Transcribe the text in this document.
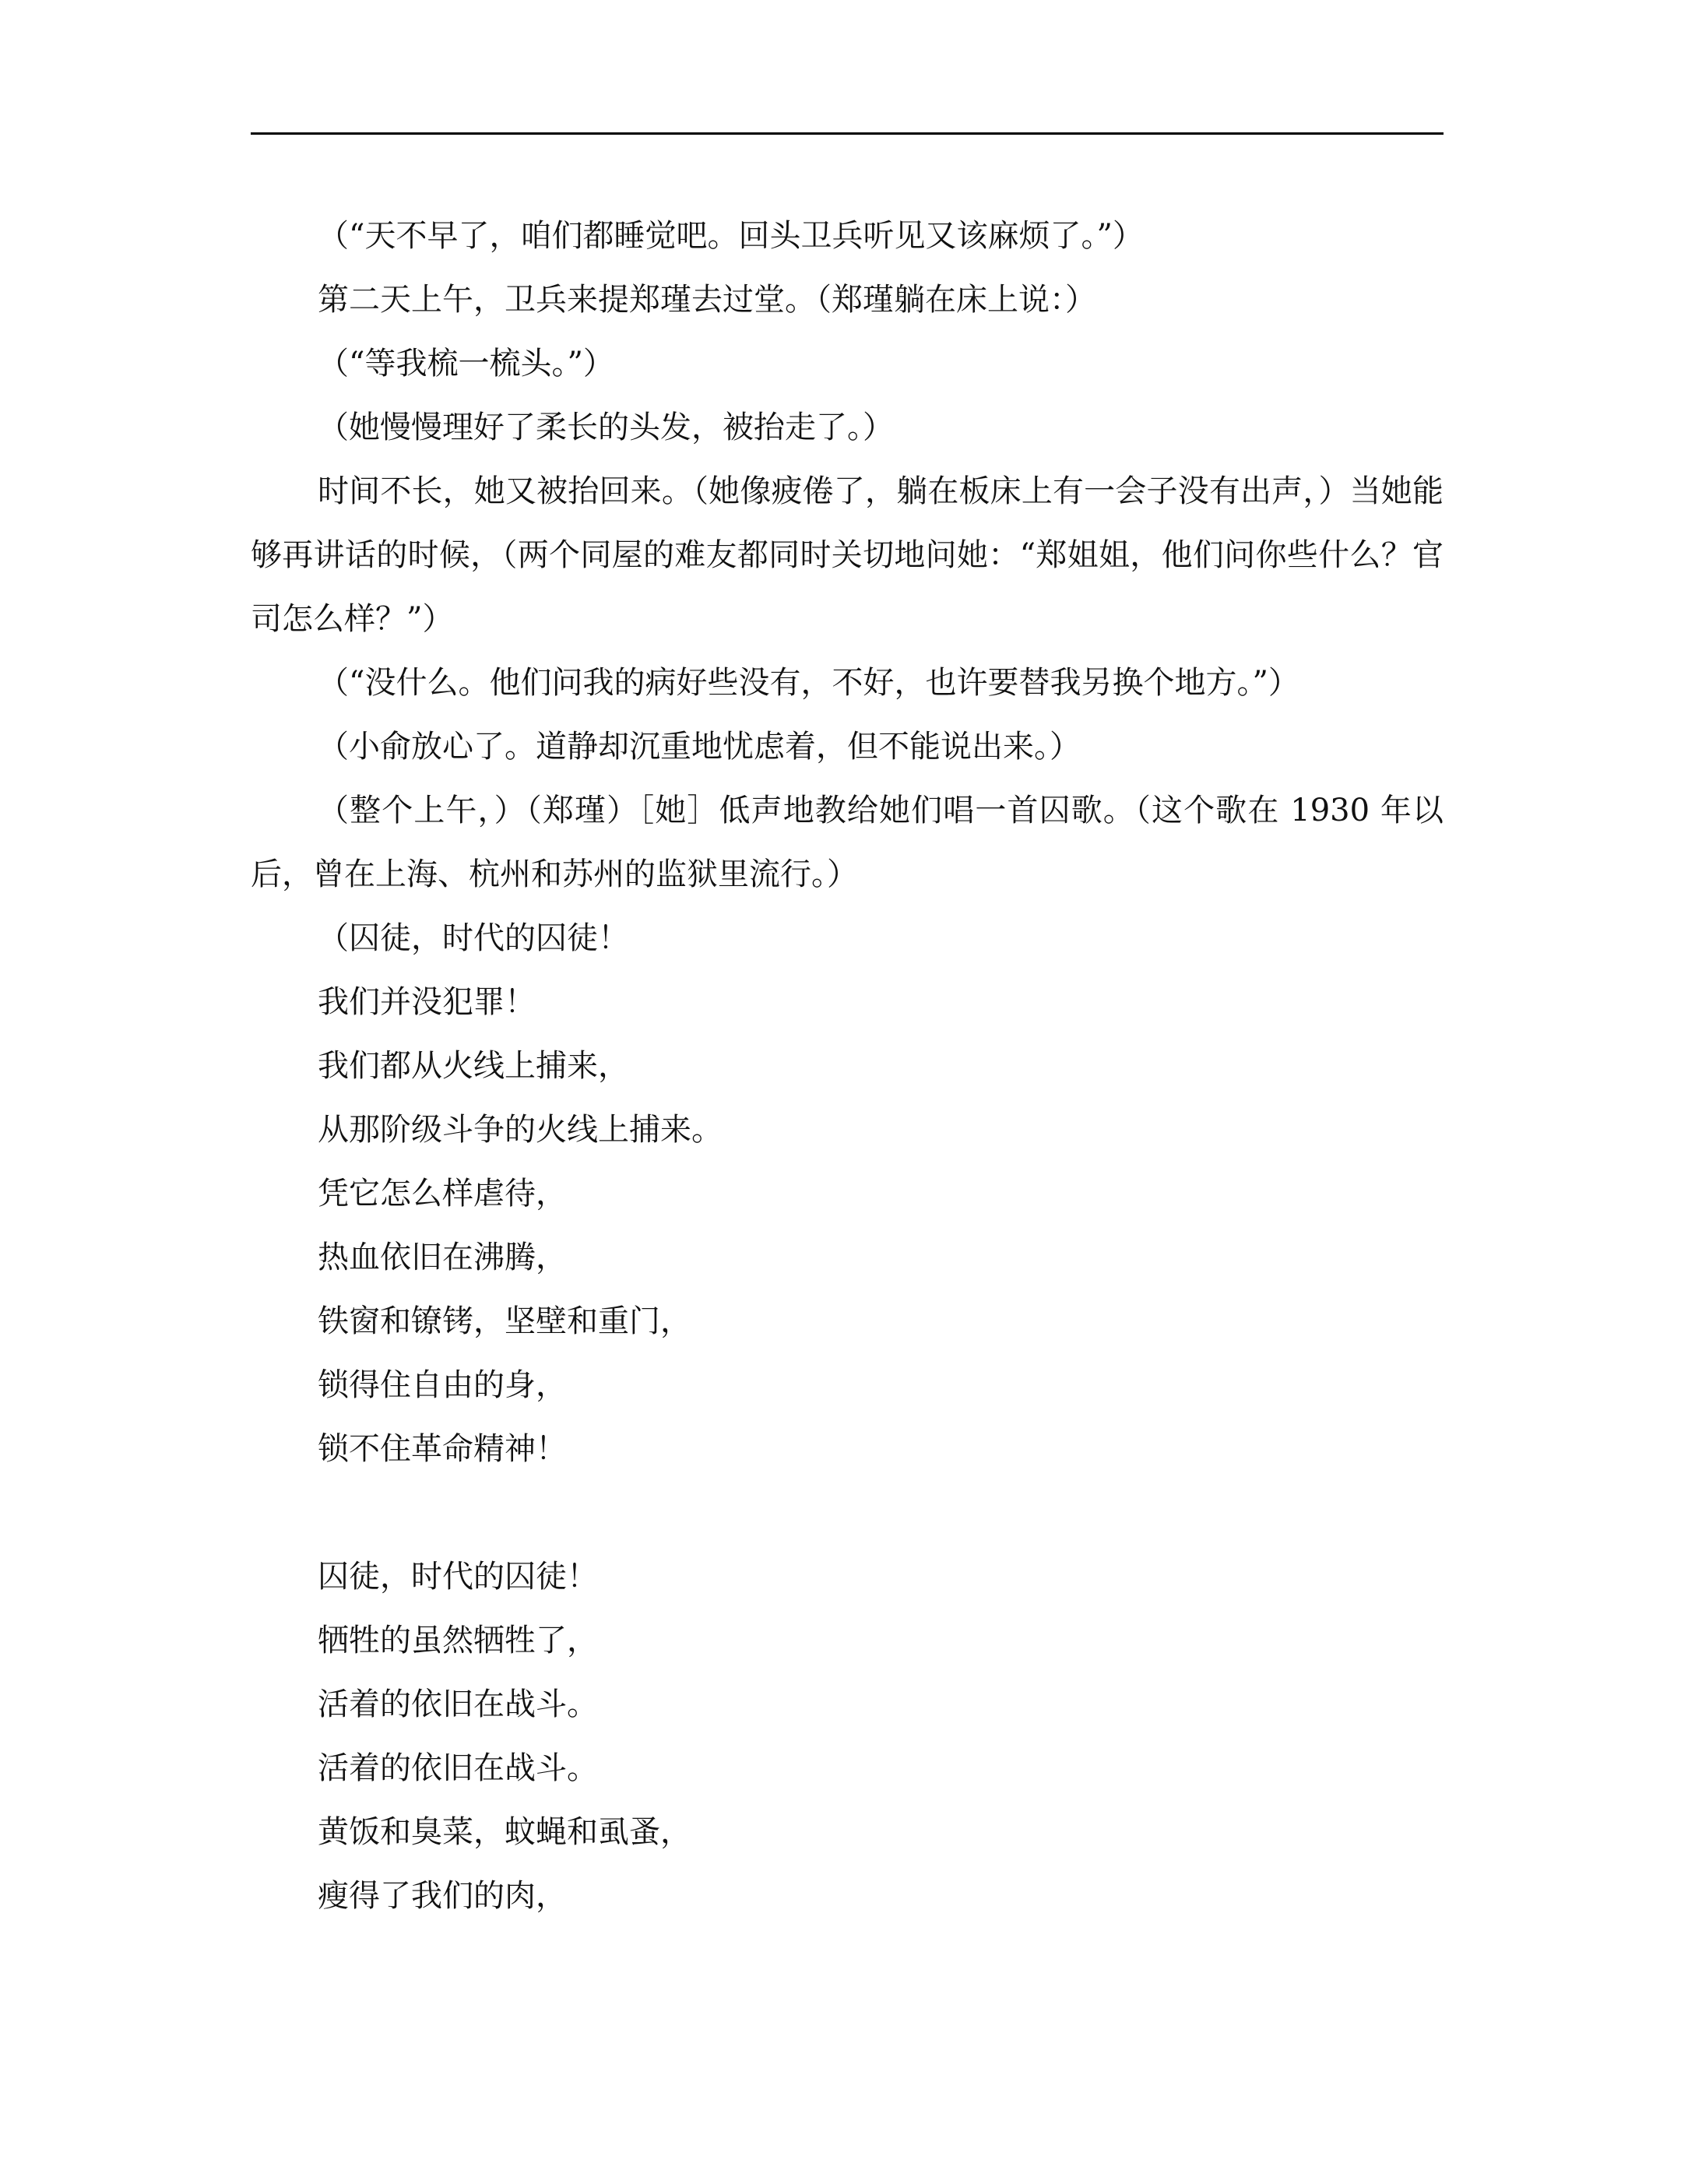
（“天不早了，咱们都睡觉吧。回头卫兵听见又该麻烦了。”）
第二天上午，卫兵来提郑瑾去过堂。（郑瑾躺在床上说：）
（“等我梳一梳头。”）
（她慢慢理好了柔长的头发，被抬走了。）
时间不长，她又被抬回来。（她像疲倦了，躺在板床上有一会子没有出声，）当她能够再讲话的时候，（两个同屋的难友都同时关切地问她：“郑姐姐，他们问你些什么？官司怎么样？”）
（“没什么。他们问我的病好些没有，不好，也许要替我另换个地方。”）
（小俞放心了。道静却沉重地忧虑着，但不能说出来。）
（整个上午，）（郑瑾）［她］低声地教给她们唱一首囚歌。（这个歌在 1930 年以后，曾在上海、杭州和苏州的监狱里流行。）
（囚徒，时代的囚徒！
我们并没犯罪！
我们都从火线上捕来，
从那阶级斗争的火线上捕来。
凭它怎么样虐待，
热血依旧在沸腾，
铁窗和镣铐，坚壁和重门，
锁得住自由的身，
锁不住革命精神！
囚徒，时代的囚徒！
牺牲的虽然牺牲了，
活着的依旧在战斗。
活着的依旧在战斗。
黄饭和臭菜，蚊蝇和虱蚤，
瘦得了我们的肉，
